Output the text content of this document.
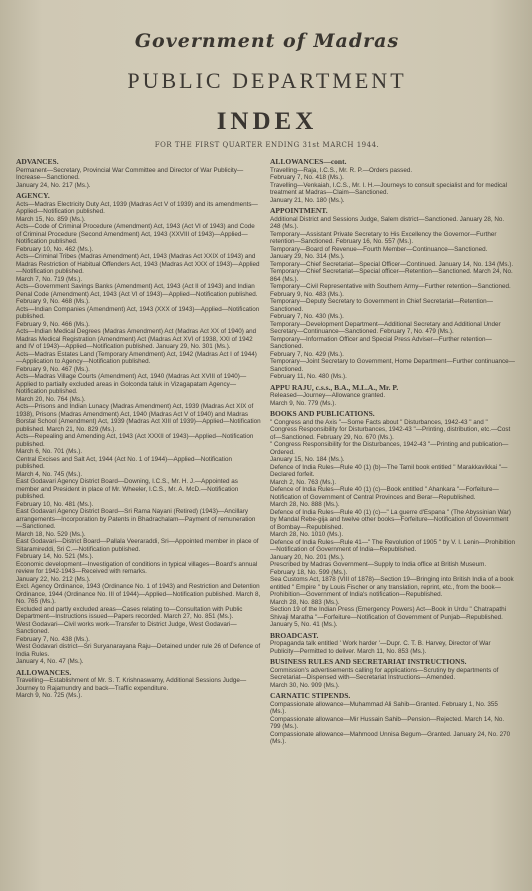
Government of Madras
PUBLIC DEPARTMENT
INDEX
FOR THE FIRST QUARTER ENDING 31st MARCH 1944.
ADVANCES.

Permanent—Secretary, Provincial War Committee and Director of War Publicity—Increase—Sanctioned.
January 24, No. 217 (Ms.).

AGENCY.

Acts—Madras Electricity Duty Act, 1939 (Madras Act V of 1939) and its amendments—Applied—Notification published.
March 15, No. 859 (Ms.).
Acts—Code of Criminal Procedure (Amendment) Act, 1943 (Act VI of 1943) and Code of Criminal Procedure (Second Amendment) Act, 1943 (XXVIII of 1943)—Applied—Notification published.
February 10, No. 462 (Ms.).
Acts—Criminal Tribes (Madras Amendment) Act, 1943 (Madras Act XXIX of 1943) and Madras Restriction of Habitual Offenders Act, 1943 (Madras Act XXX of 1943)—Applied—Notification published.
March 7, No. 719 (Ms.).
Acts—Government Savings Banks (Amendment) Act, 1943 (Act II of 1943) and Indian Penal Code (Amendment) Act, 1943 (Act VI of 1943)—Applied—Notification published. February 9, No. 468 (Ms.).
Acts—Indian Companies (Amendment) Act, 1943 (XXX of 1943)—Applied—Notification published.
February 9, No. 466 (Ms.).
Acts—Indian Medical Degrees (Madras Amendment) Act (Madras Act XX of 1940) and Madras Medical Registration (Amendment) Act (Madras Act XVI of 1938, XXI of 1942 and IV of 1943)—Applied—Notification published. January 29, No. 301 (Ms.).
Acts—Madras Estates Land (Temporary Amendment) Act, 1942 (Madras Act I of 1944)—Application to Agency—Notification published.
February 9, No. 467 (Ms.).
Acts—Madras Village Courts (Amendment) Act, 1940 (Madras Act XVIII of 1940)—Applied to partially excluded areas in Golconda taluk in Vizagapatam Agency—Notification published.
March 20, No. 764 (Ms.).
Acts—Prisons and Indian Lunacy (Madras Amendment) Act, 1939 (Madras Act XIX of 1938), Prisons (Madras Amendment) Act, 1940 (Madras Act V of 1940) and Madras Borstal School (Amendment) Act, 1939 (Madras Act XIII of 1939)—Applied—Notification published. March 21, No. 829 (Ms.).
Acts—Repealing and Amending Act, 1943 (Act XXXII of 1943)—Applied—Notification published.
March 6, No. 701 (Ms.).
Central Excises and Salt Act, 1944 (Act No. 1 of 1944)—Applied—Notification published.
March 4, No. 745 (Ms.).
East Godavari Agency District Board—Downing, I.C.S., Mr. H. J.—Appointed as member and President in place of Mr. Wheeler, I.C.S., Mr. A. McD.—Notification published.
February 10, No. 481 (Ms.).
East Godavari Agency District Board—Sri Rama Nayani (Retired) (1943)—Ancillary arrangements—Incorporation by Patents in Bhadrachalam—Payment of remuneration—Sanctioned.
March 18, No. 529 (Ms.).
East Godavari—District Board—Pallala Veeraraddi, Sri—Appointed member in place of Sitaramireddi, Sri C.—Notification published.
February 14, No. 521 (Ms.).
Economic development—Investigation of conditions in typical villages—Board's annual review for 1942-1943—Received with remarks.
January 22, No. 212 (Ms.).
Excl. Agency Ordinance, 1943 (Ordinance No. 1 of 1943) and Restriction and Detention Ordinance, 1944 (Ordinance No. III of 1944)—Applied—Notification published. March 8, No. 765 (Ms.).
Excluded and partly excluded areas—Cases relating to—Consultation with Public Department—Instructions issued—Papers recorded. March 27, No. 851 (Ms.).
West Godavari—Civil works work—Transfer to District Judge, West Godavari—Sanctioned.
February 7, No. 438 (Ms.).
West Godavari district—Sri Suryanarayana Raju—Detained under rule 26 of Defence of India Rules.
January 4, No. 47 (Ms.).

ALLOWANCES.

Travelling—Establishment of Mr. S. T. Krishnaswamy, Additional Sessions Judge—Journey to Rajamundry and back—Traffic expenditure.
March 9, No. 725 (Ms.).

ALLOWANCES—cont.

Travelling—Raja, I.C.S., Mr. R. P.—Orders passed.
February 7, No. 418 (Ms.).
Travelling—Venkaiah, I.C.S., Mr. I. H.—Journeys to consult specialist and for medical treatment at Madras—Claim—Sanctioned.
January 21, No. 180 (Ms.).

APPOINTMENT.

Additional District and Sessions Judge, Salem district—Sanctioned. January 28, No. 248 (Ms.).
Temporary—Assistant Private Secretary to His Excellency the Governor—Further retention—Sanctioned. February 16, No. 557 (Ms.).
Temporary—Board of Revenue—Fourth Member—Continuance—Sanctioned.
January 29, No. 314 (Ms.).
Temporary—Chief Secretariat—Special Officer—Continued. January 14, No. 134 (Ms.).
Temporary—Chief Secretariat—Special officer—Retention—Sanctioned. March 24, No. 864 (Ms.).
Temporary—Civil Representative with Southern Army—Further retention—Sanctioned.
February 9, No. 483 (Ms.).
Temporary—Deputy Secretary to Government in Chief Secretariat—Retention—Sanctioned.
February 7, No. 430 (Ms.).
Temporary—Development Department—Additional Secretary and Additional Under Secretary—Continuance—Sanctioned. February 7, No. 479 (Ms.).
Temporary—Information Officer and Special Press Adviser—Further retention—Sanctioned.
February 7, No. 429 (Ms.).
Temporary—Joint Secretary to Government, Home Department—Further continuance—Sanctioned.
February 11, No. 480 (Ms.).

APPU RAJU, c.s.s., B.A., M.L.A., Mr. P.

Released—Journey—Allowance granted.
March 9, No. 779 (Ms.).

BOOKS AND PUBLICATIONS.

" Congress and the Axis "—Some Facts about " Disturbances, 1942-43 " and " Congress Responsibility for Disturbances, 1942-43 "—Printing, distribution, etc.—Cost of—Sanctioned. February 29, No. 670 (Ms.).
" Congress Responsibility for the Disturbances, 1942-43 "—Printing and publication—Ordered.
January 15, No. 184 (Ms.).
Defence of India Rules—Rule 40 (1) (b)—The Tamil book entitled " Marakkavikkai "—Declared forfeit.
March 2, No. 763 (Ms.).
Defence of India Rules—Rule 40 (1) (c)—Book entitled " Ahankara "—Forfeiture—Notification of Government of Central Provinces and Berar—Republished.
March 28, No. 888 (Ms.).
Defence of India Rules—Rule 40 (1) (c)—" La guerre d'Espana " (The Abyssinian War) by Mandal Rebe-gija and twelve other books—Forfeiture—Notification of Government of Bombay—Republished.
March 28, No. 1010 (Ms.).
Defence of India Rules—Rule 41—" The Revolution of 1905 " by V. I. Lenin—Prohibition—Notification of Government of India—Republished.
January 20, No. 201 (Ms.).
Prescribed by Madras Government—Supply to India office at British Museum.
February 18, No. 599 (Ms.).
Sea Customs Act, 1878 (VIII of 1878)—Section 19—Bringing into British India of a book entitled " Empire " by Louis Fischer or any translation, reprint, etc., from the book—Prohibition—Government of India's notification—Republished.
March 28, No. 883 (Ms.).
Section 19 of the Indian Press (Emergency Powers) Act—Book in Urdu " Chatrapathi Shivaji Maratha "—Forfeiture—Notification of Government of Punjab—Republished. January 5, No. 41 (Ms.).

BROADCAST.

Propaganda talk entitled ' Work harder '—Dupr. C. T. B. Harvey, Director of War Publicity—Permitted to deliver. March 11, No. 853 (Ms.).

BUSINESS RULES AND SECRETARIAT INSTRUCTIONS.

Commission's advertisements calling for applications—Scrutiny by departments of Secretariat—Dispensed with—Secretariat Instructions—Amended.
March 30, No. 909 (Ms.).

CARNATIC STIPENDS.

Compassionate allowance—Muhammad Ali Sahib—Granted. February 1, No. 355 (Ms.).
Compassionate allowance—Mir Hussain Sahib—Pension—Rejected. March 14, No. 799 (Ms.).
Compassionate allowance—Mahmood Unnisa Begum—Granted. January 24, No. 270 (Ms.).
